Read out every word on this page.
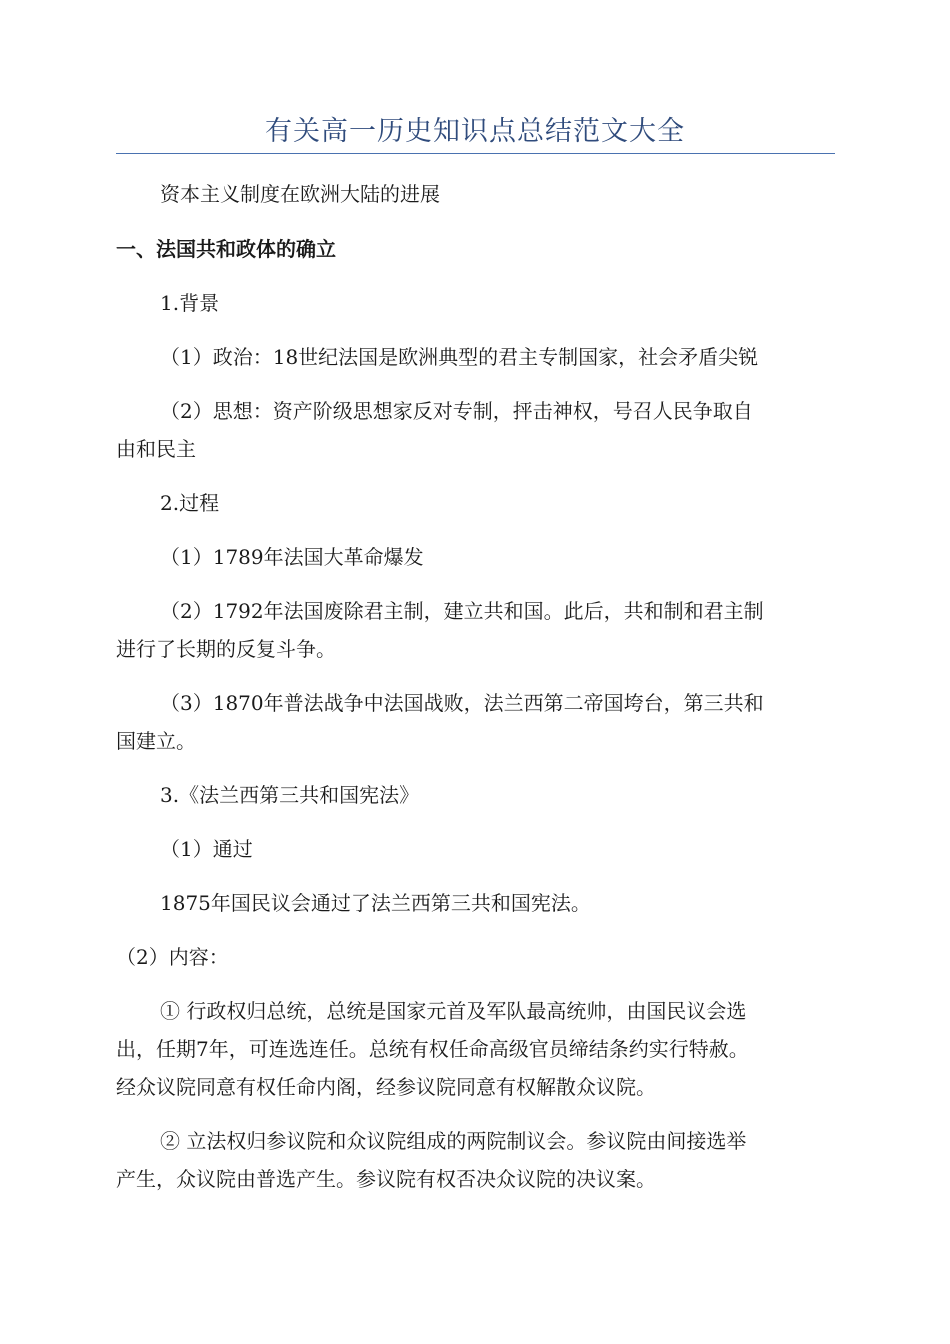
有关高一历史知识点总结范文大全
资本主义制度在欧洲大陆的进展
一、法国共和政体的确立
1.背景
（1）政治：18世纪法国是欧洲典型的君主专制国家，社会矛盾尖锐
（2）思想：资产阶级思想家反对专制，抨击神权，号召人民争取自
由和民主
2.过程
（1）1789年法国大革命爆发
（2）1792年法国废除君主制，建立共和国。此后，共和制和君主制
进行了长期的反复斗争。
（3）1870年普法战争中法国战败，法兰西第二帝国垮台，第三共和
国建立。
3.《法兰西第三共和国宪法》
（1）通过
1875年国民议会通过了法兰西第三共和国宪法。
（2）内容：
① 行政权归总统，总统是国家元首及军队最高统帅，由国民议会选
出，任期7年，可连选连任。总统有权任命高级官员缔结条约实行特赦。
经众议院同意有权任命内阁，经参议院同意有权解散众议院。
② 立法权归参议院和众议院组成的两院制议会。参议院由间接选举
产生，众议院由普选产生。参议院有权否决众议院的决议案。
